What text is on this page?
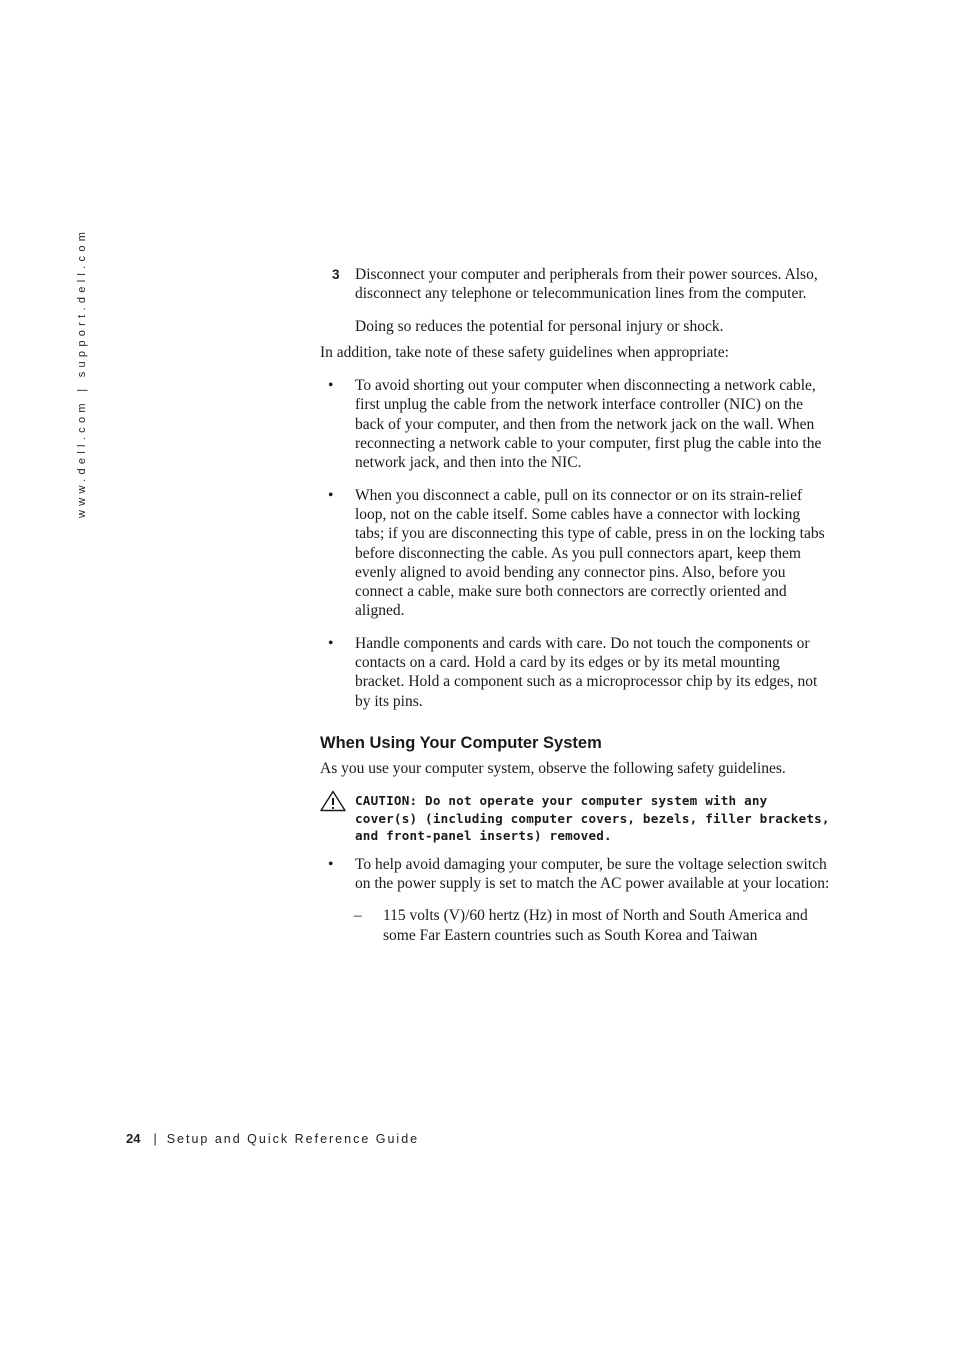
www.dell.com | support.dell.com	3 Disconnect your computer and peripherals from their power sources. Also, disconnect any telephone or telecommunication lines from the computer.

Doing so reduces the potential for personal injury or shock.

In addition, take note of these safety guidelines when appropriate:

• To avoid shorting out your computer when disconnecting a network cable, first unplug the cable from the network interface controller (NIC) on the back of your computer, and then from the network jack on the wall. When reconnecting a network cable to your computer, first plug the cable into the network jack, and then into the NIC.

• When you disconnect a cable, pull on its connector or on its strain-relief loop, not on the cable itself. Some cables have a connector with locking tabs; if you are disconnecting this type of cable, press in on the locking tabs before disconnecting the cable. As you pull connectors apart, keep them evenly aligned to avoid bending any connector pins. Also, before you connect a cable, make sure both connectors are correctly oriented and aligned.

• Handle components and cards with care. Do not touch the components or contacts on a card. Hold a card by its edges or by its metal mounting bracket. Hold a component such as a microprocessor chip by its edges, not by its pins.

When Using Your Computer System

As you use your computer system, observe the following safety guidelines.

CAUTION: Do not operate your computer system with any cover(s) (including computer covers, bezels, filler brackets, and front-panel inserts) removed.

• To help avoid damaging your computer, be sure the voltage selection switch on the power supply is set to match the AC power available at your location:

– 115 volts (V)/60 hertz (Hz) in most of North and South America and some Far Eastern countries such as South Korea and Taiwan

24 | Setup and Quick Reference Guide
